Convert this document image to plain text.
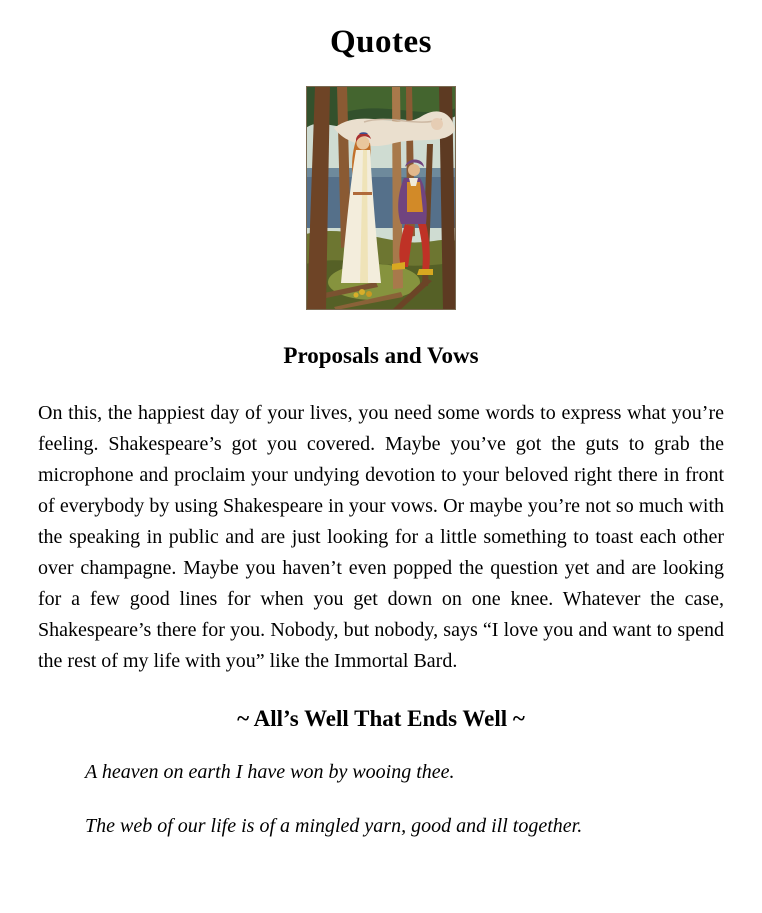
Quotes
Proposals and Vows

On this, the happiest day of your lives, you need some words to express what you’re feeling. Shakespeare’s got you covered. Maybe you’ve got the guts to grab the microphone and proclaim your undying devotion to your beloved right there in front of everybody by using Shakespeare in your vows. Or maybe you’re not so much with the speaking in public and are just looking for a little something to toast each other over champagne. Maybe you haven’t even popped the question yet and are looking for a few good lines for when you get down on one knee. Whatever the case, Shakespeare’s there for you. Nobody, but nobody, says “I love you and want to spend the rest of my life with you” like the Immortal Bard.

~ All’s Well That Ends Well ~

A heaven on earth I have won by wooing thee.

The web of our life is of a mingled yarn, good and ill together.
